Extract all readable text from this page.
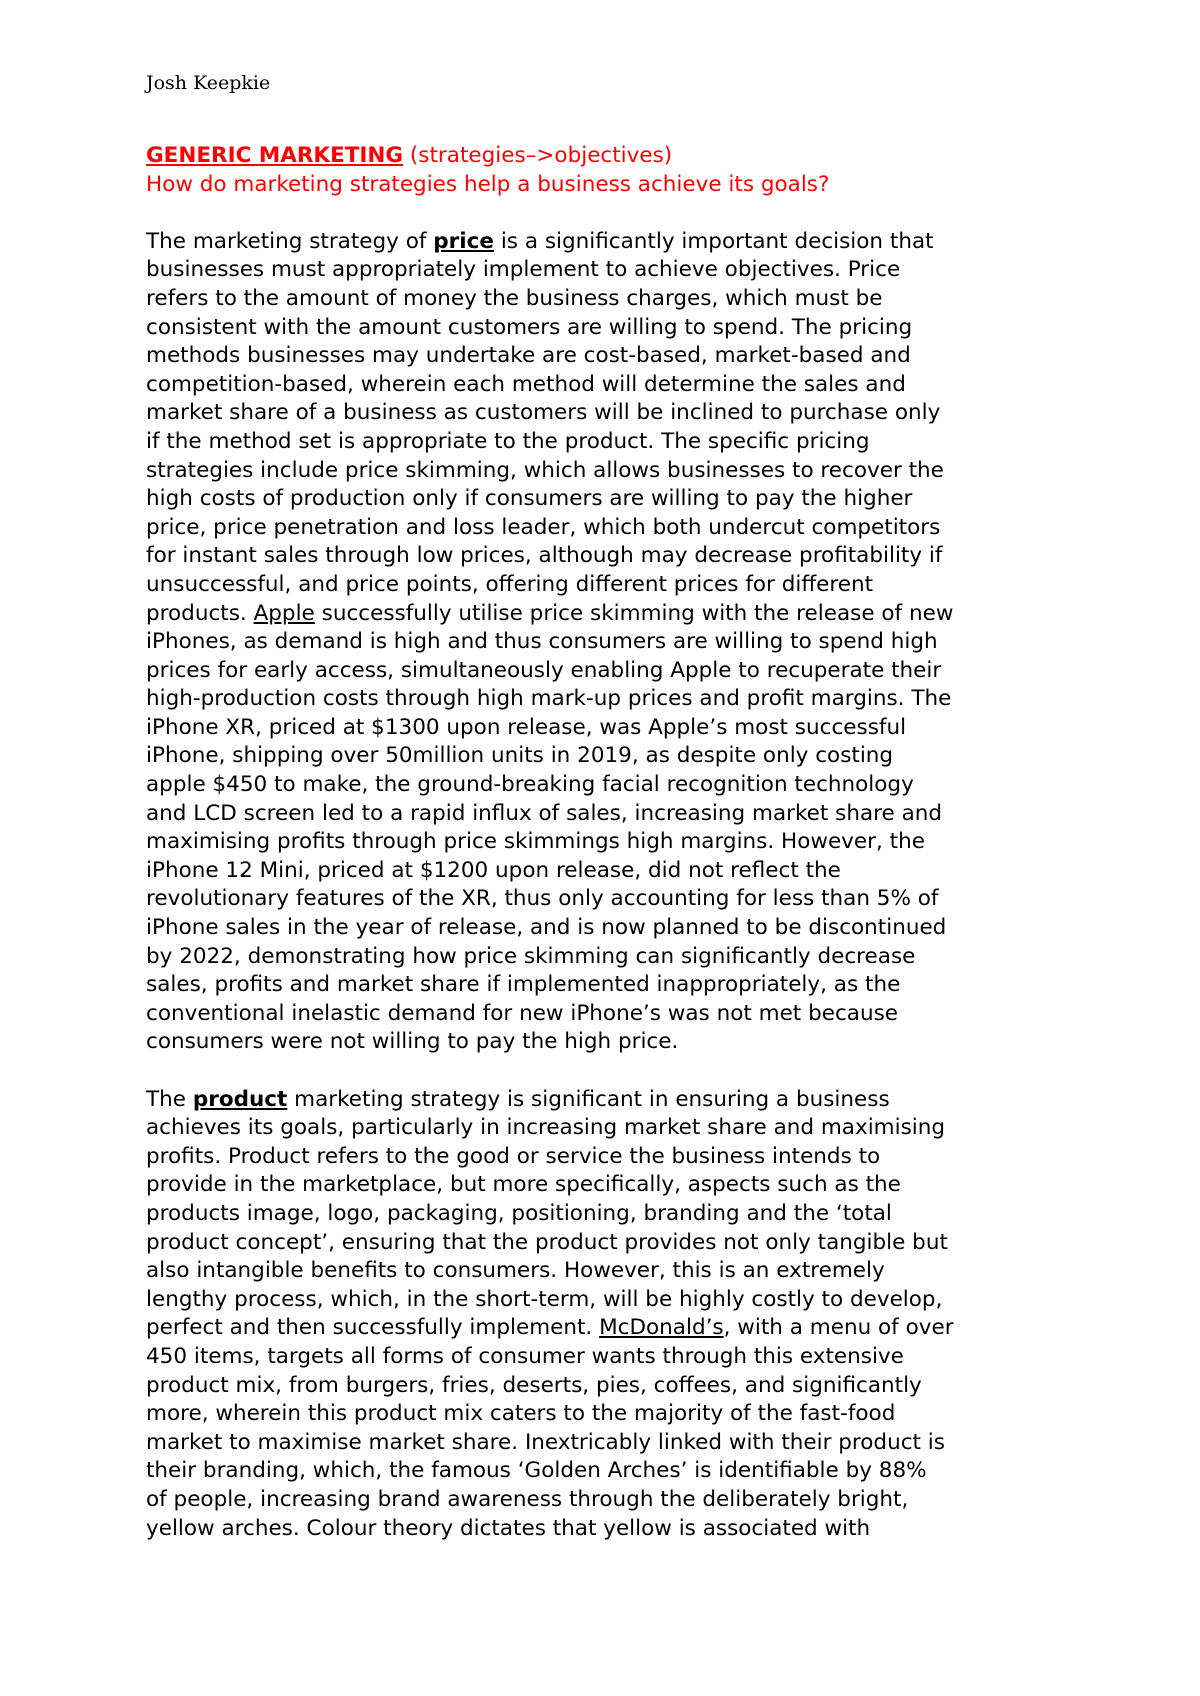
Josh Keepkie

GENERIC MARKETING (strategies–>objectives)

How do marketing strategies help a business achieve its goals?

The marketing strategy of price is a significantly important decision that
businesses must appropriately implement to achieve objectives. Price
refers to the amount of money the business charges, which must be
consistent with the amount customers are willing to spend. The pricing
methods businesses may undertake are cost-based, market-based and
competition-based, wherein each method will determine the sales and
market share of a business as customers will be inclined to purchase only
if the method set is appropriate to the product. The specific pricing
strategies include price skimming, which allows businesses to recover the
high costs of production only if consumers are willing to pay the higher
price, price penetration and loss leader, which both undercut competitors
for instant sales through low prices, although may decrease profitability if
unsuccessful, and price points, offering different prices for different
products. Apple successfully utilise price skimming with the release of new
iPhones, as demand is high and thus consumers are willing to spend high
prices for early access, simultaneously enabling Apple to recuperate their
high-production costs through high mark-up prices and profit margins. The
iPhone XR, priced at $1300 upon release, was Apple’s most successful
iPhone, shipping over 50million units in 2019, as despite only costing
apple $450 to make, the ground-breaking facial recognition technology
and LCD screen led to a rapid influx of sales, increasing market share and
maximising profits through price skimmings high margins. However, the
iPhone 12 Mini, priced at $1200 upon release, did not reflect the
revolutionary features of the XR, thus only accounting for less than 5% of
iPhone sales in the year of release, and is now planned to be discontinued
by 2022, demonstrating how price skimming can significantly decrease
sales, profits and market share if implemented inappropriately, as the
conventional inelastic demand for new iPhone’s was not met because
consumers were not willing to pay the high price.

The product marketing strategy is significant in ensuring a business
achieves its goals, particularly in increasing market share and maximising
profits. Product refers to the good or service the business intends to
provide in the marketplace, but more specifically, aspects such as the
products image, logo, packaging, positioning, branding and the ‘total
product concept’, ensuring that the product provides not only tangible but
also intangible benefits to consumers. However, this is an extremely
lengthy process, which, in the short-term, will be highly costly to develop,
perfect and then successfully implement. McDonald’s, with a menu of over
450 items, targets all forms of consumer wants through this extensive
product mix, from burgers, fries, deserts, pies, coffees, and significantly
more, wherein this product mix caters to the majority of the fast-food
market to maximise market share. Inextricably linked with their product is
their branding, which, the famous ‘Golden Arches’ is identifiable by 88%
of people, increasing brand awareness through the deliberately bright,
yellow arches. Colour theory dictates that yellow is associated with
